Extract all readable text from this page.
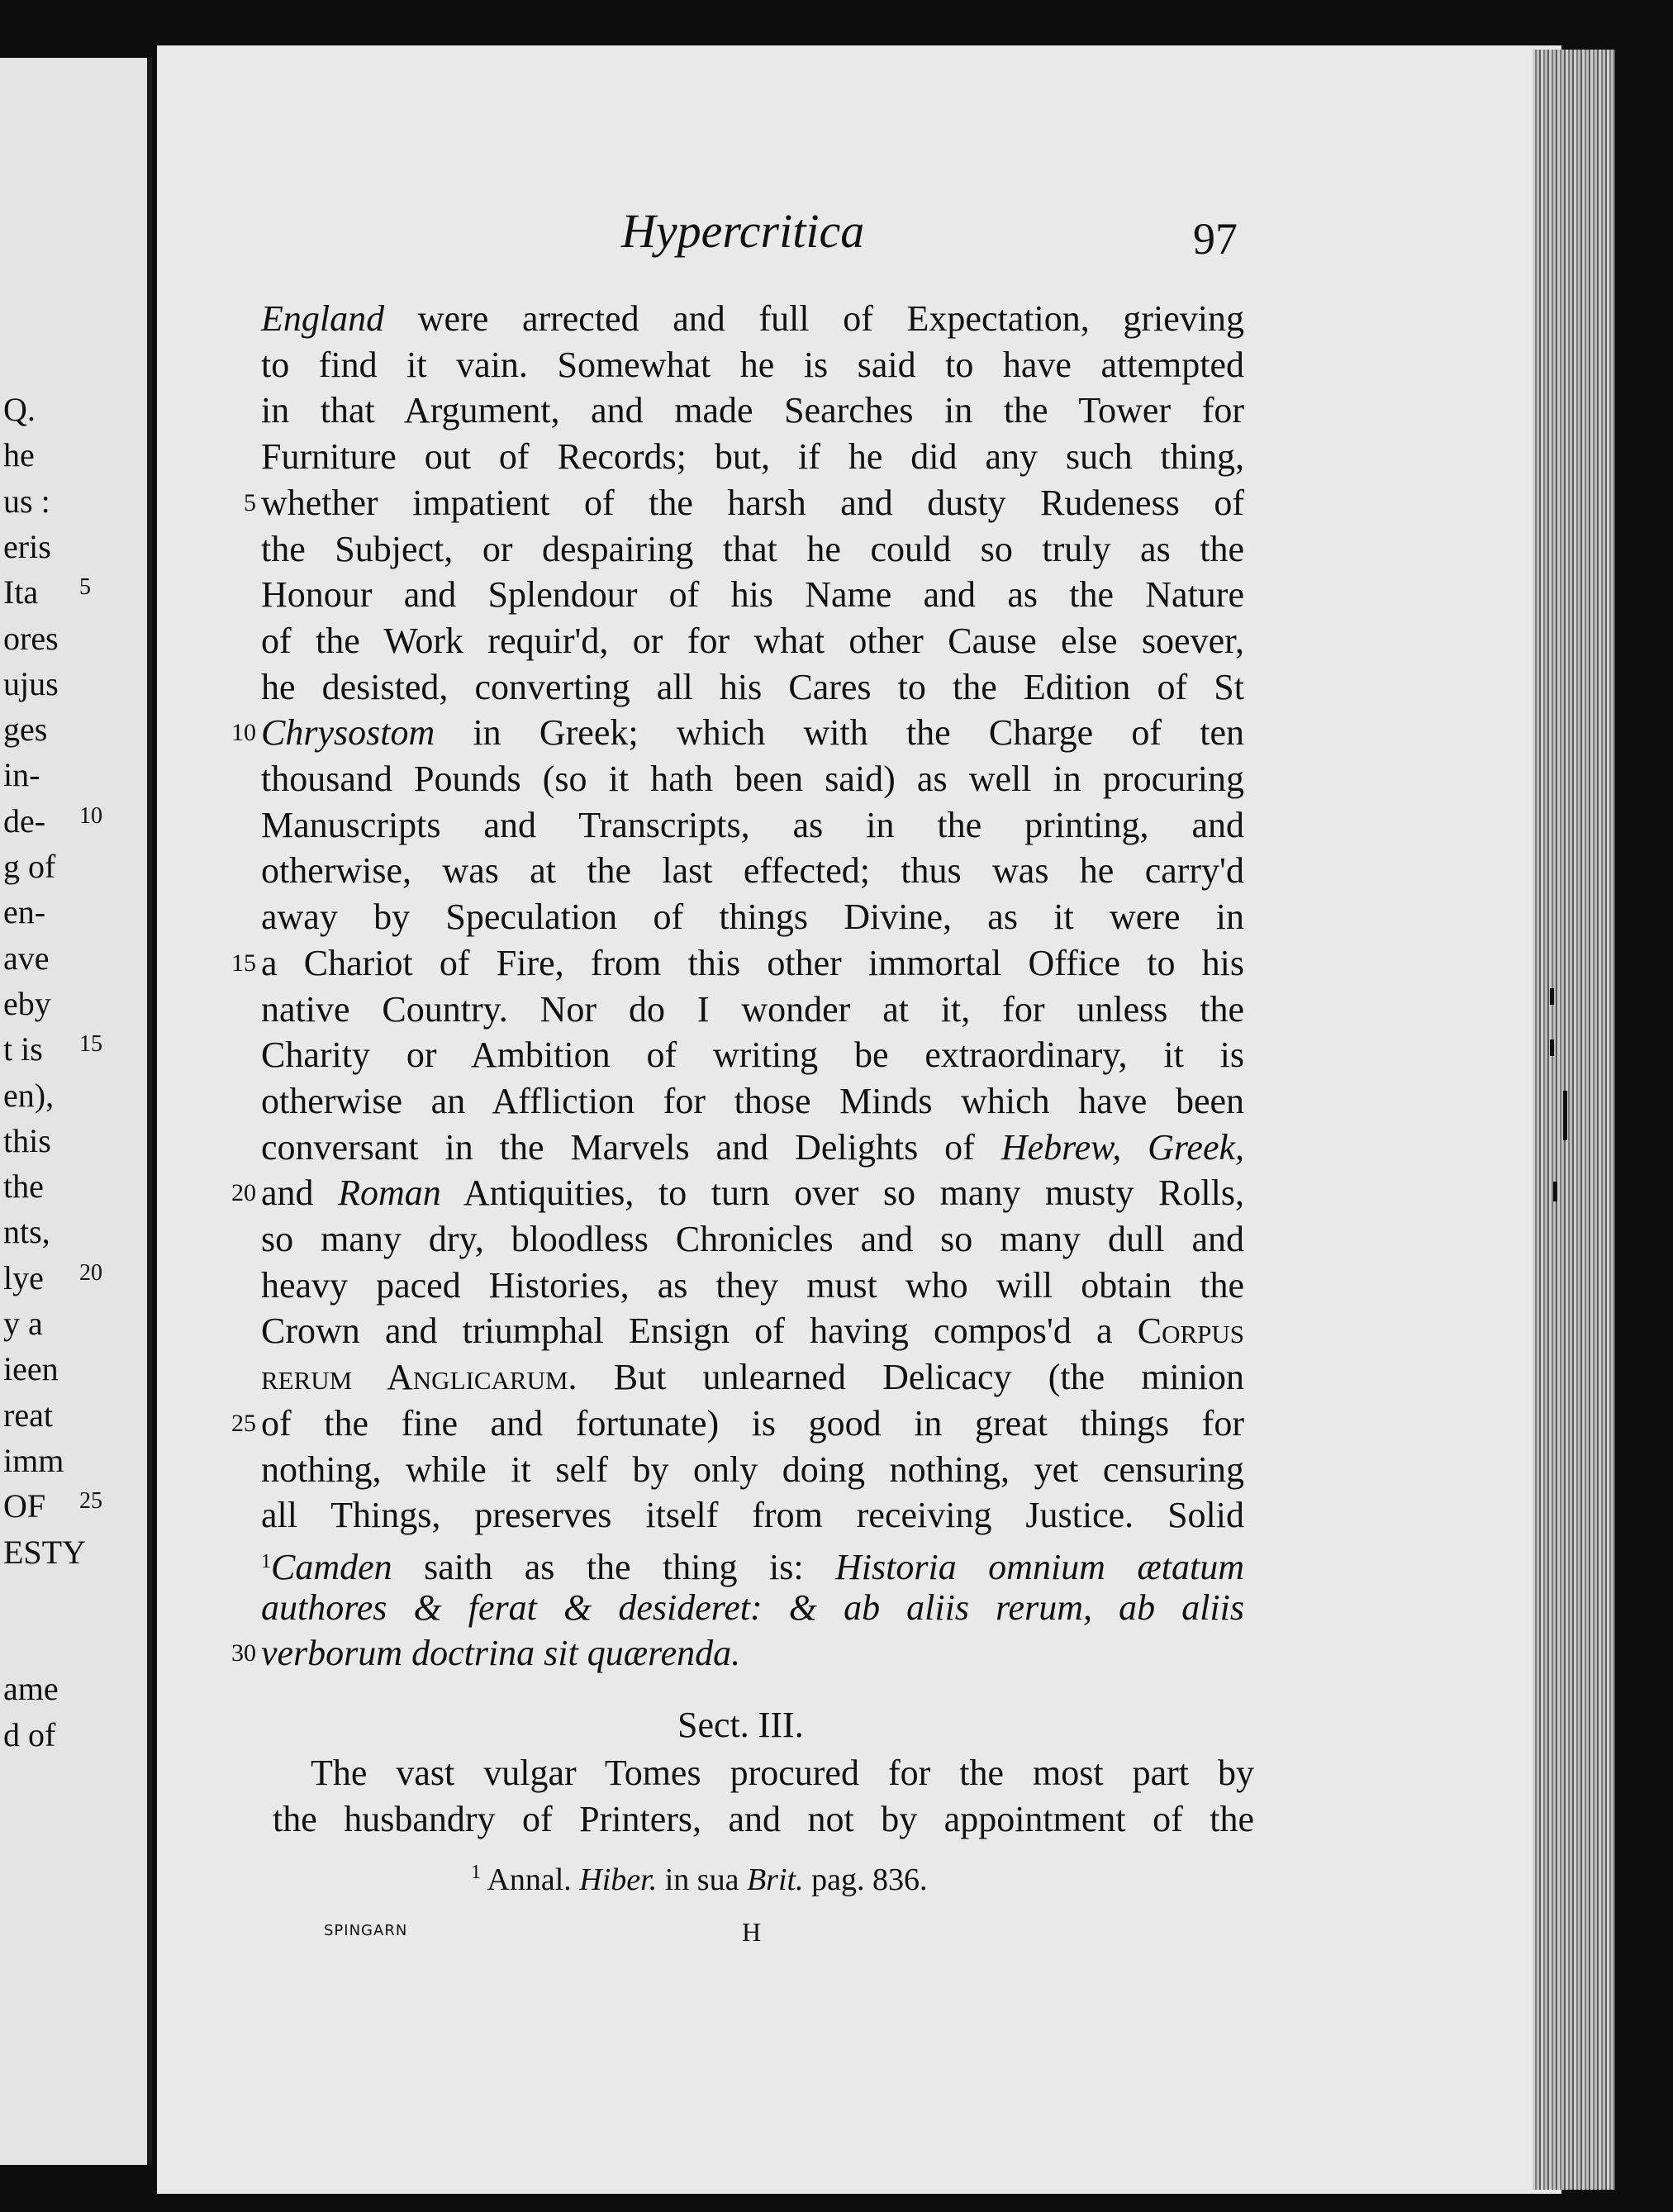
Q.
he
us :
eris
Ita 5
ores
ujus
ges
in-
de- 10
g of
en-
ave
eby
t is 15
en),
this
the
nts,
lye 20
y a
ieen
reat
imm
OF 25
ESTY
ame
d of
Hypercritica	97
England were arrected and full of Expectation, grieving
to find it vain. Somewhat he is said to have attempted
in that Argument, and made Searches in the Tower for
Furniture out of Records; but, if he did any such thing,
5 whether impatient of the harsh and dusty Rudeness of
the Subject, or despairing that he could so truly as the
Honour and Splendour of his Name and as the Nature
of the Work requir'd, or for what other Cause else soever,
he desisted, converting all his Cares to the Edition of St
10 Chrysostom in Greek; which with the Charge of ten
thousand Pounds (so it hath been said) as well in procuring
Manuscripts and Transcripts, as in the printing, and
otherwise, was at the last effected; thus was he carry'd
away by Speculation of things Divine, as it were in
15 a Chariot of Fire, from this other immortal Office to his
native Country. Nor do I wonder at it, for unless the
Charity or Ambition of writing be extraordinary, it is
otherwise an Affliction for those Minds which have been
conversant in the Marvels and Delights of Hebrew, Greek,
20 and Roman Antiquities, to turn over so many musty Rolls,
so many dry, bloodless Chronicles and so many dull and
heavy paced Histories, as they must who will obtain the
Crown and triumphal Ensign of having compos'd a Corpus
rerum Anglicarum. But unlearned Delicacy (the minion
25 of the fine and fortunate) is good in great things for
nothing, while it self by only doing nothing, yet censuring
all Things, preserves itself from receiving Justice. Solid
$^1$Camden saith as the thing is: Historia omnium ætatum
authores & ferat & desideret: & ab aliis rerum, ab aliis
30 verborum doctrina sit quærenda.
Sect. III.
The vast vulgar Tomes procured for the most part by
the husbandry of Printers, and not by appointment of the
$^1$ Annal. Hiber. in sua Brit. pag. 836.
SPINGARN	H
